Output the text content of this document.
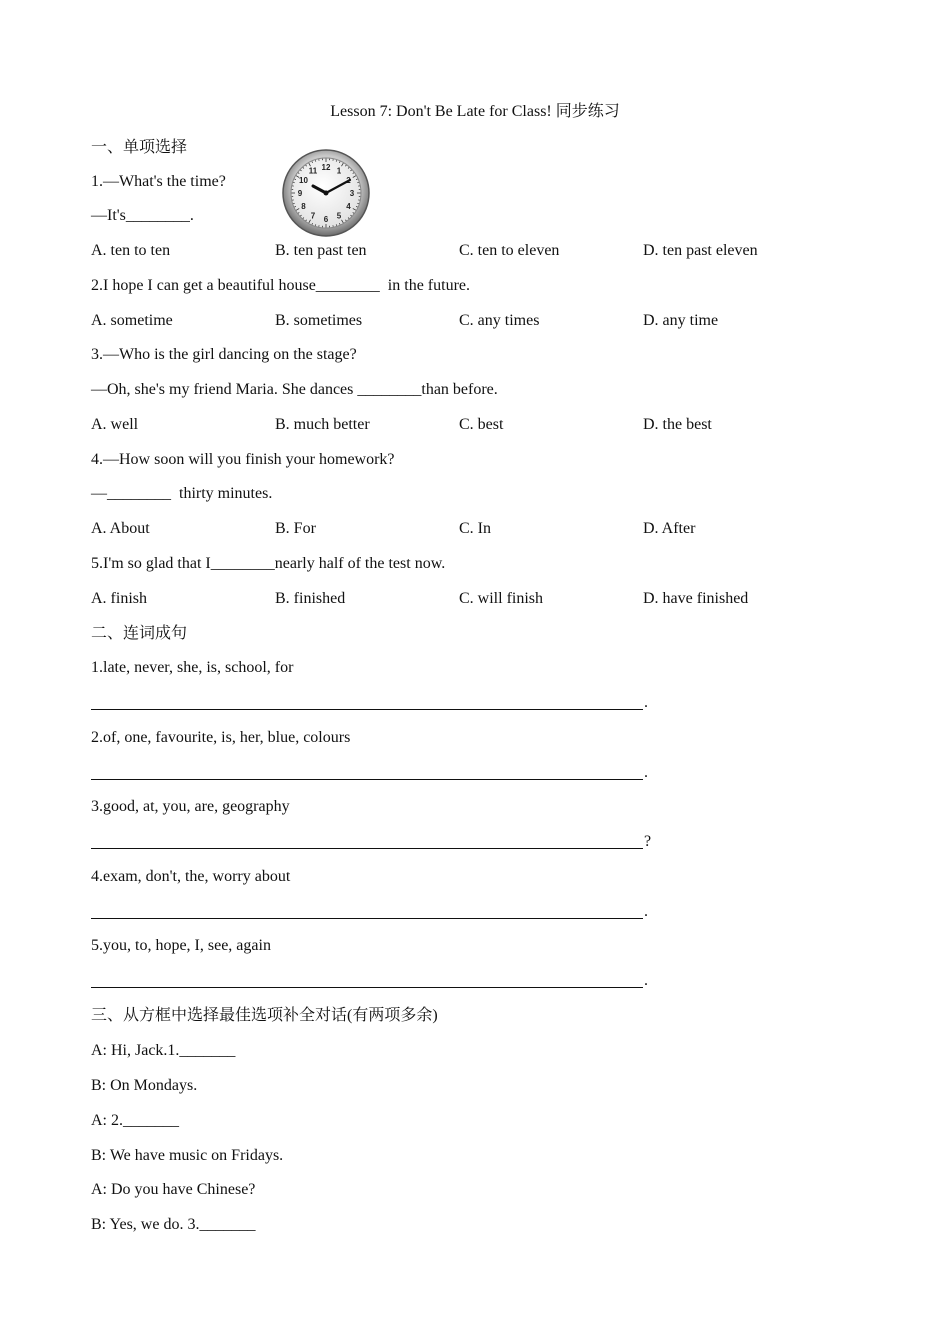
Lesson 7: Don't Be Late for Class! 同步练习
一、单项选择
1.—What's the time?
—It's________.
1
3
4
5
6
7
8
9
10
11 12
A. ten to ten	B. ten past ten	C. ten to eleven	D. ten past eleven
2.I hope I can get a beautiful house________  in the future.
A. sometime	B. sometimes	C. any times	D. any time
3.—Who is the girl dancing on the stage?
—Oh, she's my friend Maria. She dances ________than before.
A. well	B. much better	C. best	D. the best
4.—How soon will you finish your homework?
—________  thirty minutes.
A. About	B. For	C. In	D. After
5.I'm so glad that I________nearly half of the test now.
A. finish	B. finished	C. will finish	D. have finished
二、连词成句
1.late, never, she, is, school, for
.
2.of, one, favourite, is, her, blue, colours
.
3.good, at, you, are, geography
?
4.exam, don't, the, worry about
.
5.you, to, hope, I, see, again
.
三、从方框中选择最佳选项补全对话(有两项多余)
A: Hi, Jack.1._______
B: On Mondays.
A: 2._______
B: We have music on Fridays.
A: Do you have Chinese?
B: Yes, we do. 3._______
